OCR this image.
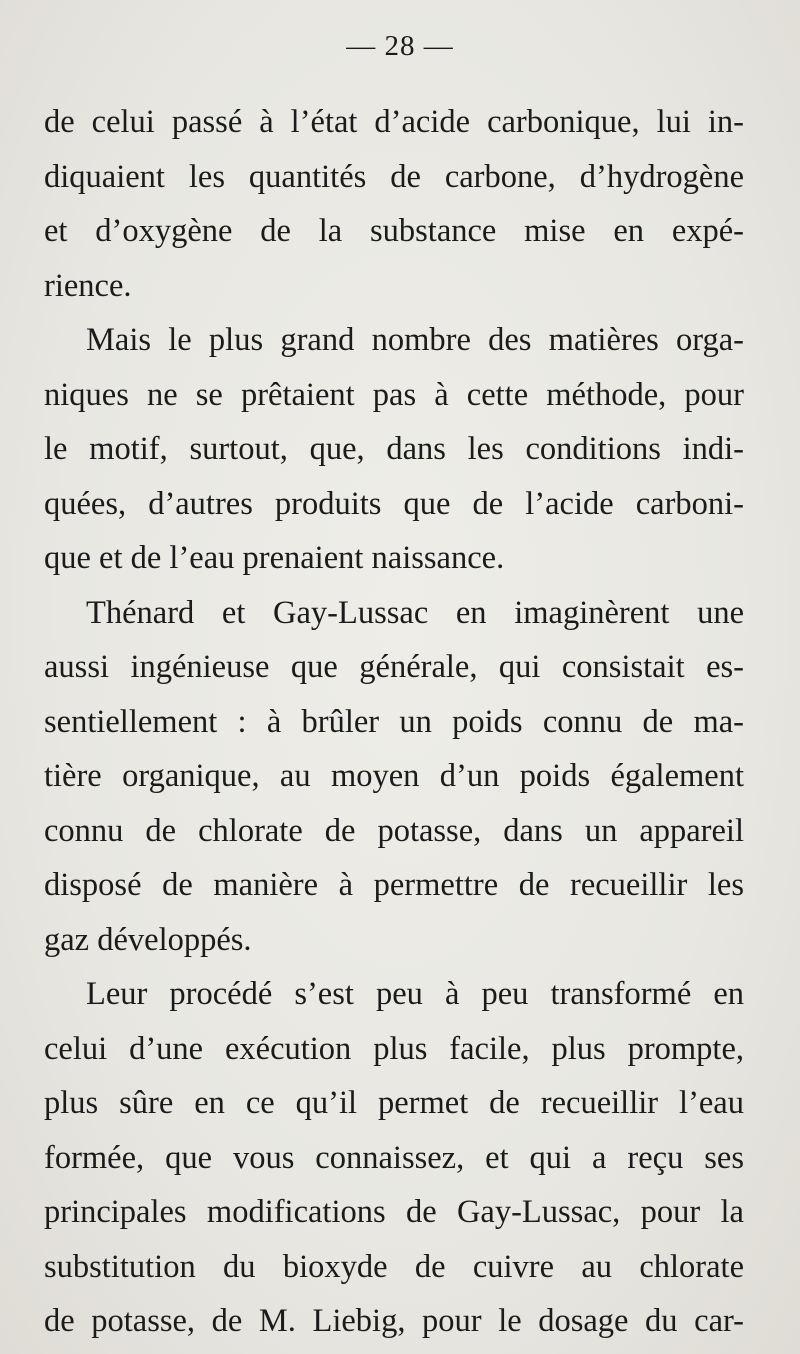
— 28 —
de celui passé à l’état d’acide carbonique, lui in-
diquaient les quantités de carbone, d’hydrogène
et d’oxygène de la substance mise en expé-
rience.
Mais le plus grand nombre des matières orga-
niques ne se prêtaient pas à cette méthode, pour
le motif, surtout, que, dans les conditions indi-
quées, d’autres produits que de l’acide carboni-
que et de l’eau prenaient naissance.
Thénard et Gay-Lussac en imaginèrent une
aussi ingénieuse que générale, qui consistait es-
sentiellement : à brûler un poids connu de ma-
tière organique, au moyen d’un poids également
connu de chlorate de potasse, dans un appareil
disposé de manière à permettre de recueillir les
gaz développés.
Leur procédé s’est peu à peu transformé en
celui d’une exécution plus facile, plus prompte,
plus sûre en ce qu’il permet de recueillir l’eau
formée, que vous connaissez, et qui a reçu ses
principales modifications de Gay-Lussac, pour la
substitution du bioxyde de cuivre au chlorate
de potasse, de M. Liebig, pour le dosage du car-
